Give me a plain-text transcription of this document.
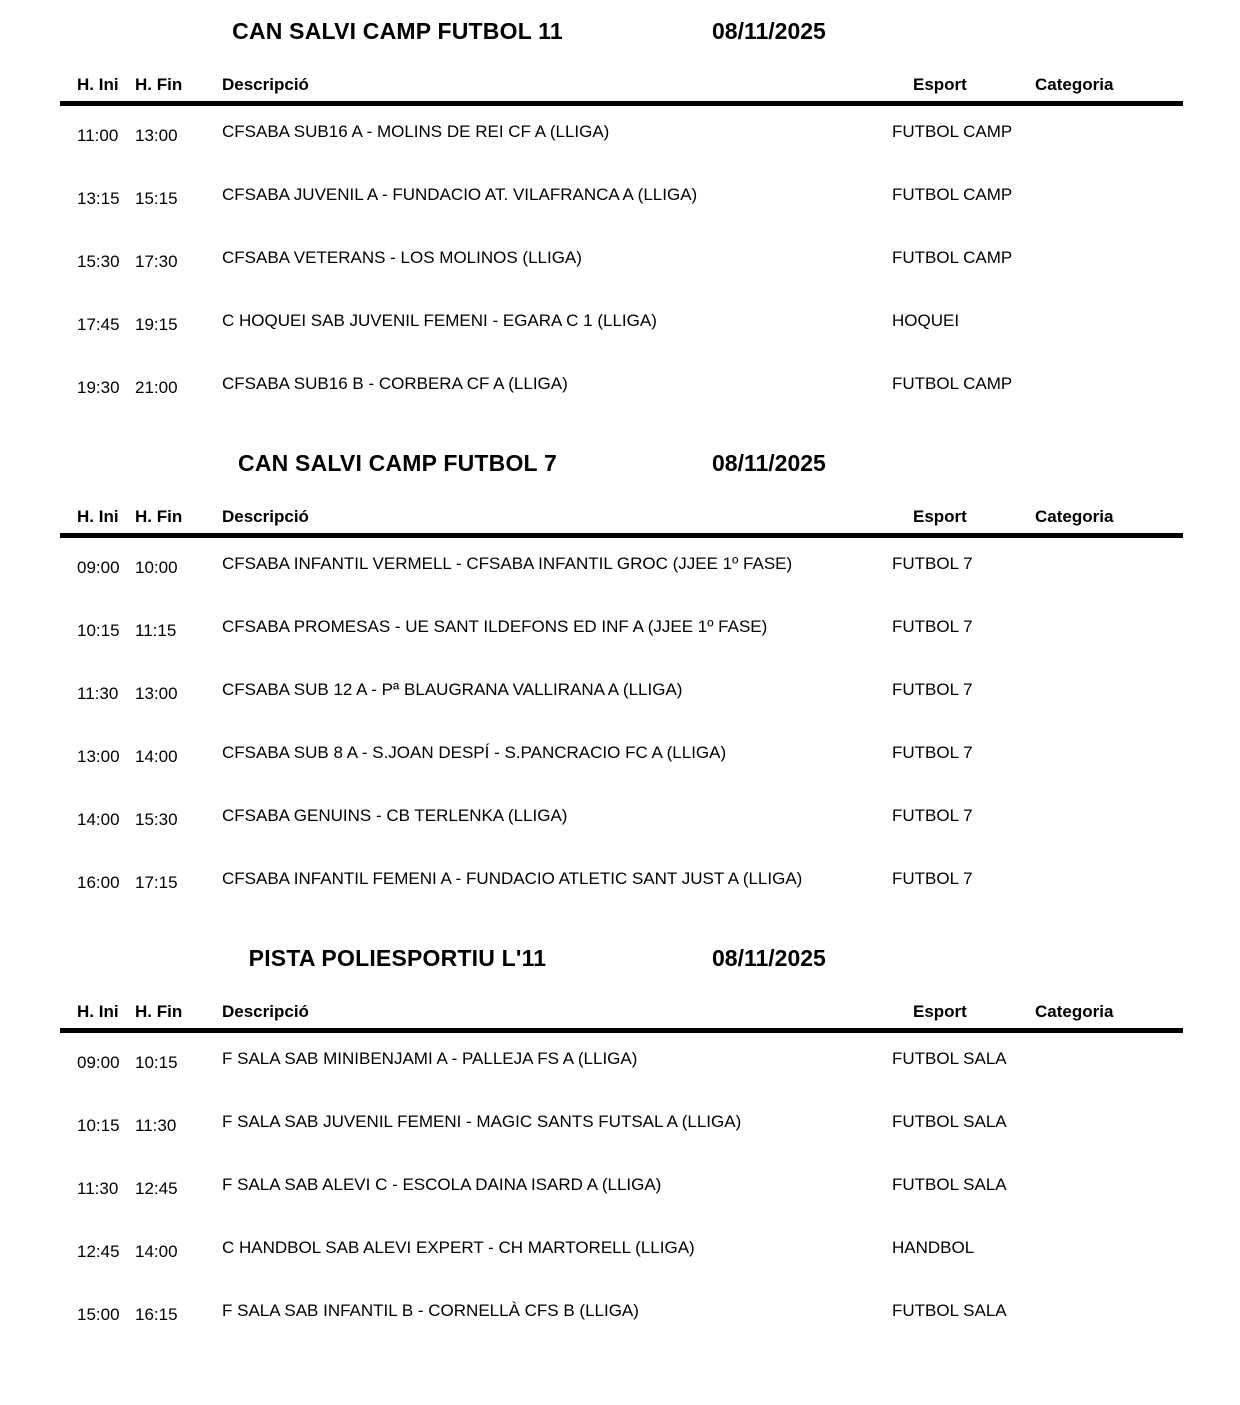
CAN SALVI CAMP FUTBOL 11	08/11/2025
H. Ini H. Fin	Descripció	Esport	Categoria
11:00 13:00	CFSABA SUB16 A - MOLINS DE REI CF A (LLIGA)	FUTBOL CAMP
13:15 15:15	CFSABA JUVENIL A - FUNDACIO AT. VILAFRANCA A (LLIGA)	FUTBOL CAMP
15:30 17:30	CFSABA VETERANS - LOS MOLINOS (LLIGA)	FUTBOL CAMP
17:45 19:15	C HOQUEI SAB JUVENIL FEMENI - EGARA C 1 (LLIGA)	HOQUEI
19:30 21:00	CFSABA SUB16 B - CORBERA CF A (LLIGA)	FUTBOL CAMP
CAN SALVI CAMP FUTBOL 7	08/11/2025
H. Ini H. Fin	Descripció	Esport	Categoria
09:00 10:00	CFSABA INFANTIL VERMELL - CFSABA INFANTIL GROC (JJEE 1º FASE)	FUTBOL 7
10:15 11:15	CFSABA PROMESAS - UE SANT ILDEFONS ED INF A (JJEE 1º FASE)	FUTBOL 7
11:30 13:00	CFSABA SUB 12 A - Pª BLAUGRANA VALLIRANA A (LLIGA)	FUTBOL 7
13:00 14:00	CFSABA SUB 8 A - S.JOAN DESPÍ - S.PANCRACIO FC A (LLIGA)	FUTBOL 7
14:00 15:30	CFSABA GENUINS - CB TERLENKA (LLIGA)	FUTBOL 7
16:00 17:15	CFSABA INFANTIL FEMENI A - FUNDACIO ATLETIC SANT JUST A (LLIGA)	FUTBOL 7
PISTA POLIESPORTIU L'11	08/11/2025
H. Ini H. Fin	Descripció	Esport	Categoria
09:00 10:15	F SALA SAB MINIBENJAMI A - PALLEJA FS A (LLIGA)	FUTBOL SALA
10:15 11:30	F SALA SAB JUVENIL FEMENI - MAGIC SANTS FUTSAL A (LLIGA)	FUTBOL SALA
11:30 12:45	F SALA SAB ALEVI C - ESCOLA DAINA ISARD A (LLIGA)	FUTBOL SALA
12:45 14:00	C HANDBOL SAB ALEVI EXPERT - CH MARTORELL (LLIGA)	HANDBOL
15:00 16:15	F SALA SAB INFANTIL B - CORNELLÀ CFS B (LLIGA)	FUTBOL SALA
